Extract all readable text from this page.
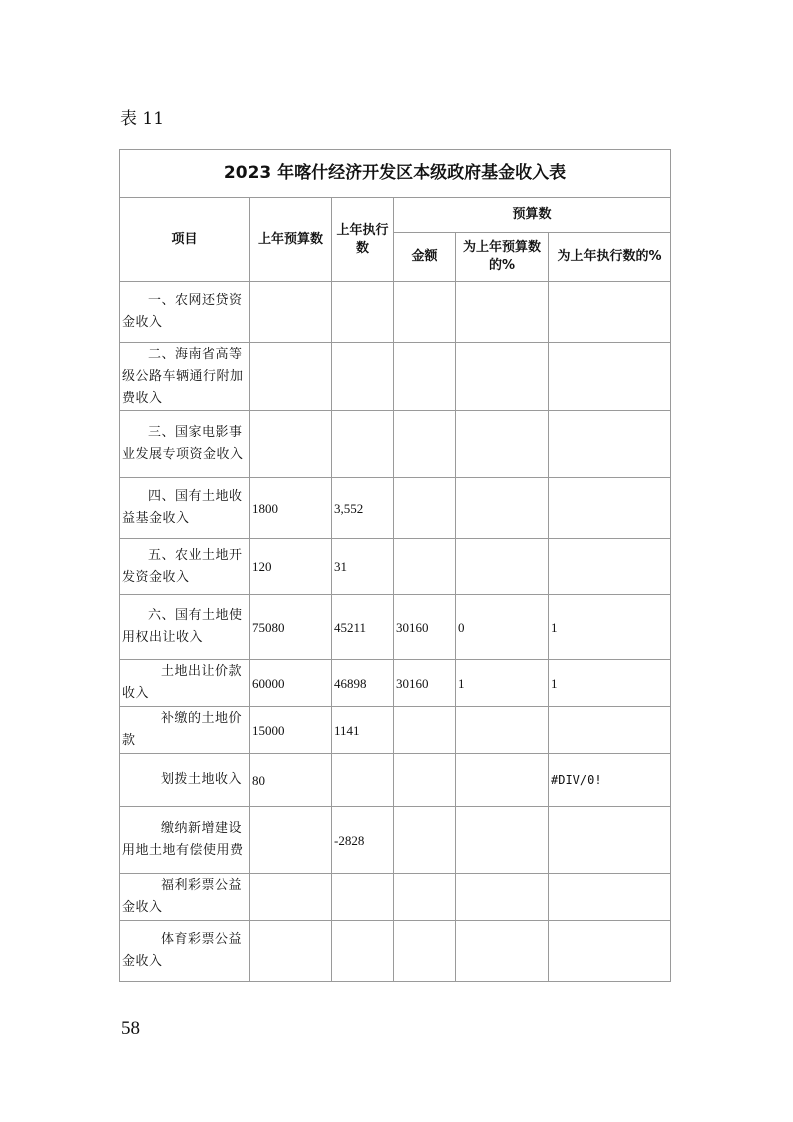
表 11
2023 年喀什经济开发区本级政府基金收入表					
项目	上年预算数	上年执行数	预算数		
			金额	为上年预算数的%	为上年执行数的%
一、农网还贷资金收入					
二、海南省高等级公路车辆通行附加费收入					
三、国家电影事业发展专项资金收入					
四、国有土地收益基金收入	1800	3,552			
五、农业土地开发资金收入	120	31			
六、国有土地使用权出让收入	75080	45211	30160	0	1
土地出让价款收入	60000	46898	30160	1	1
补缴的土地价款	15000	1141			
划拨土地收入	80				#DIV/0!
缴纳新增建设用地土地有偿使用费		-2828			
福利彩票公益金收入					
体育彩票公益金收入					
58
